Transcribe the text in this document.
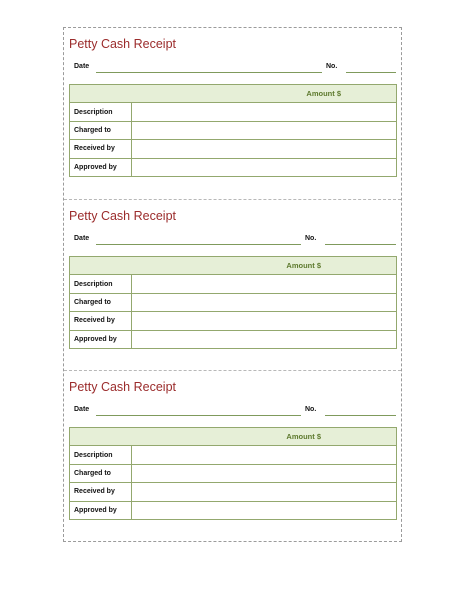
Petty Cash Receipt
Date	No.
Amount $	
Description	
Charged to	
Received by	
Approved by	
Petty Cash Receipt
Date	No.
Amount $	
Description	
Charged to	
Received by	
Approved by	
Petty Cash Receipt
Date	No.
Amount $	
Description	
Charged to	
Received by	
Approved by	
